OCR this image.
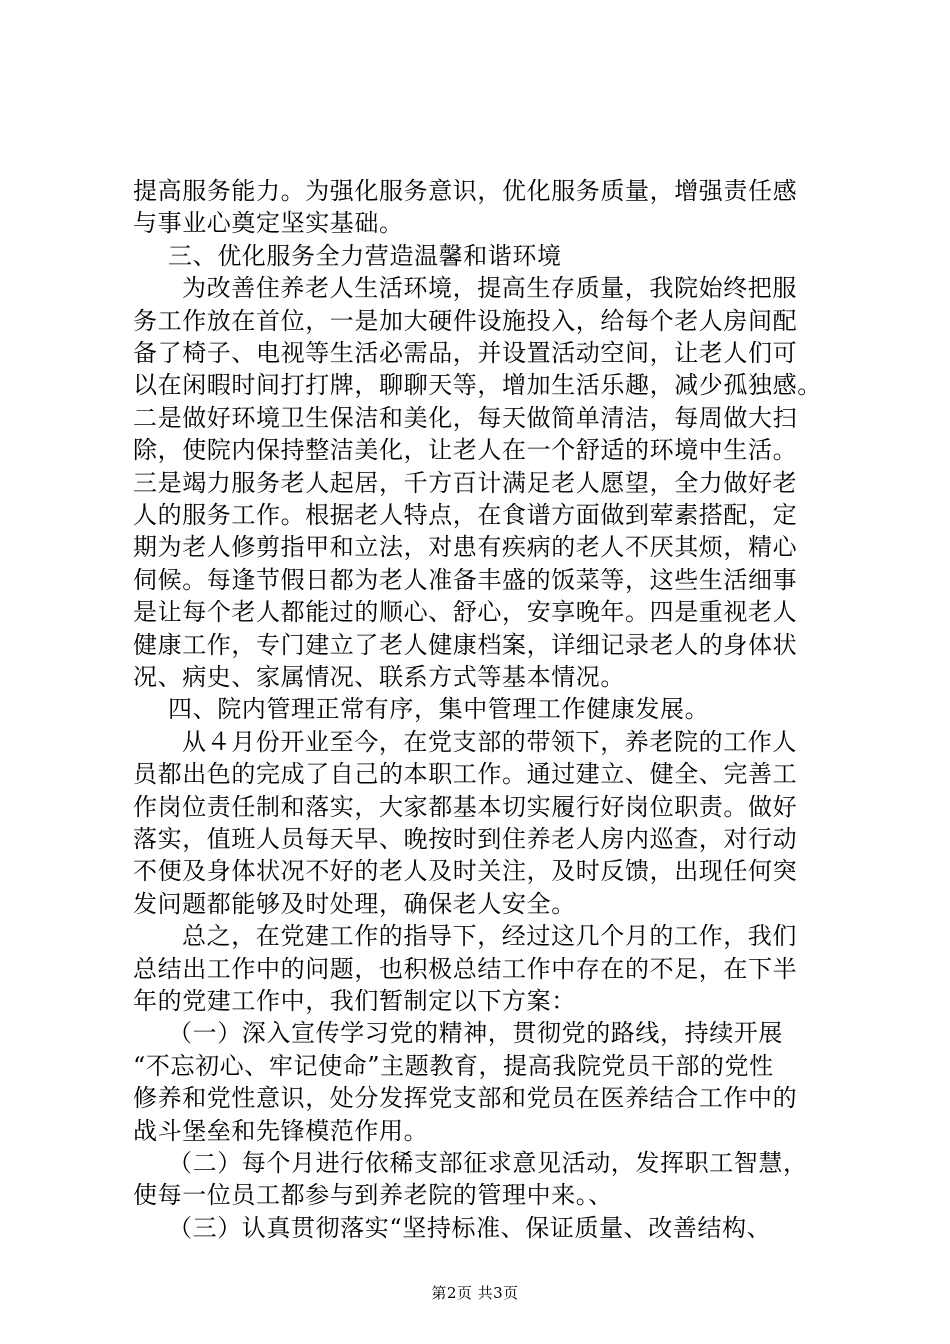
提高服务能力。为强化服务意识，优化服务质量，增强责任感
与事业心奠定坚实基础。
三、优化服务全力营造温馨和谐环境
为改善住养老人生活环境，提高生存质量，我院始终把服
务工作放在首位，一是加大硬件设施投入，给每个老人房间配
备了椅子、电视等生活必需品，并设置活动空间，让老人们可
以在闲暇时间打打牌，聊聊天等，增加生活乐趣，减少孤独感。
二是做好环境卫生保洁和美化，每天做简单清洁，每周做大扫
除，使院内保持整洁美化，让老人在一个舒适的环境中生活。
三是竭力服务老人起居，千方百计满足老人愿望，全力做好老
人的服务工作。根据老人特点，在食谱方面做到荤素搭配，定
期为老人修剪指甲和立法，对患有疾病的老人不厌其烦，精心
伺候。每逢节假日都为老人准备丰盛的饭菜等，这些生活细事
是让每个老人都能过的顺心、舒心，安享晚年。四是重视老人
健康工作，专门建立了老人健康档案，详细记录老人的身体状
况、病史、家属情况、联系方式等基本情况。
四、院内管理正常有序，集中管理工作健康发展。
从４月份开业至今，在党支部的带领下，养老院的工作人
员都出色的完成了自己的本职工作。通过建立、健全、完善工
作岗位责任制和落实，大家都基本切实履行好岗位职责。做好
落实，值班人员每天早、晚按时到住养老人房内巡查，对行动
不便及身体状况不好的老人及时关注，及时反馈，出现任何突
发问题都能够及时处理，确保老人安全。
总之，在党建工作的指导下，经过这几个月的工作，我们
总结出工作中的问题，也积极总结工作中存在的不足，在下半
年的党建工作中，我们暂制定以下方案：
（一）深入宣传学习党的精神，贯彻党的路线，持续开展
“不忘初心、牢记使命”主题教育，提高我院党员干部的党性
修养和党性意识，处分发挥党支部和党员在医养结合工作中的
战斗堡垒和先锋模范作用。
（二）每个月进行依稀支部征求意见活动，发挥职工智慧，
使每一位员工都参与到养老院的管理中来。、
（三）认真贯彻落实“坚持标准、保证质量、改善结构、
第2页 共3页
